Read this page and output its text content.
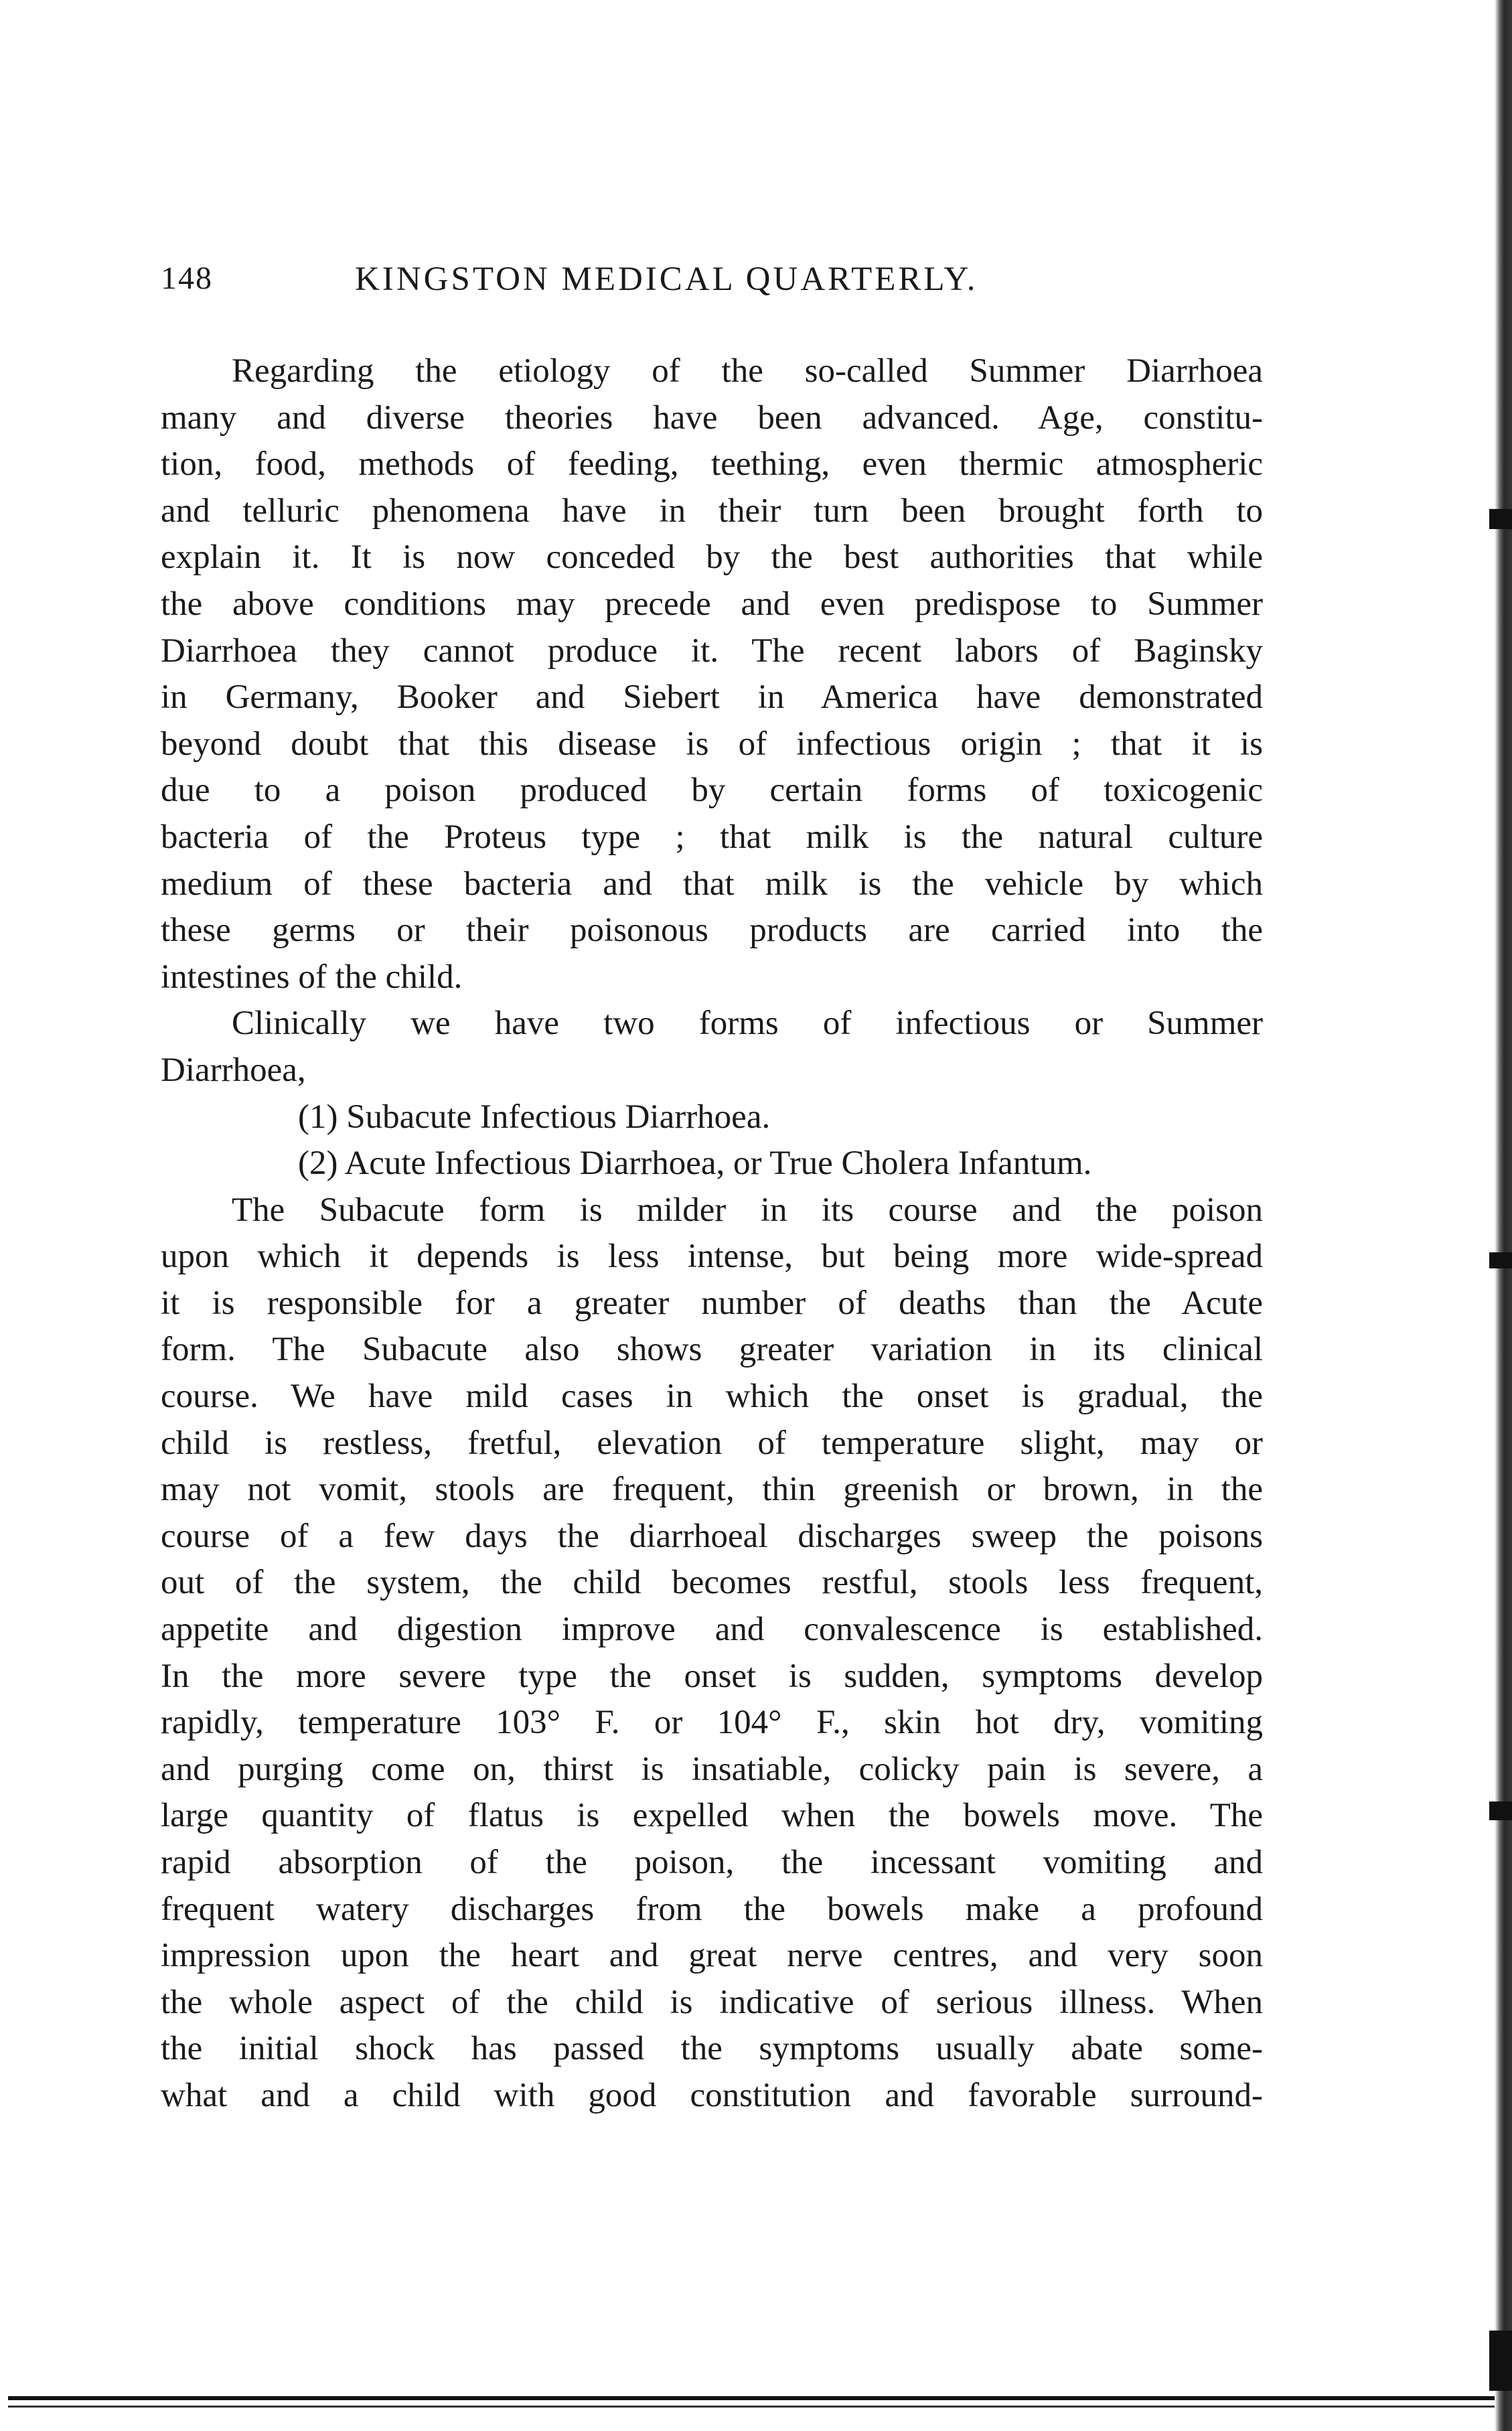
148	KINGSTON MEDICAL QUARTERLY.
Regarding the etiology of the so-called Summer Diarrhoea
many and diverse theories have been advanced. Age, constitu-
tion, food, methods of feeding, teething, even thermic atmospheric
and telluric phenomena have in their turn been brought forth to
explain it. It is now conceded by the best authorities that while
the above conditions may precede and even predispose to Summer
Diarrhoea they cannot produce it. The recent labors of Baginsky
in Germany, Booker and Siebert in America have demonstrated
beyond doubt that this disease is of infectious origin ; that it is
due to a poison produced by certain forms of toxicogenic
bacteria of the Proteus type ; that milk is the natural culture
medium of these bacteria and that milk is the vehicle by which
these germs or their poisonous products are carried into the
intestines of the child.
Clinically we have two forms of infectious or Summer
Diarrhoea,
(1) Subacute Infectious Diarrhoea.
(2) Acute Infectious Diarrhoea, or True Cholera Infantum.
The Subacute form is milder in its course and the poison
upon which it depends is less intense, but being more wide-spread
it is responsible for a greater number of deaths than the Acute
form. The Subacute also shows greater variation in its clinical
course. We have mild cases in which the onset is gradual, the
child is restless, fretful, elevation of temperature slight, may or
may not vomit, stools are frequent, thin greenish or brown, in the
course of a few days the diarrhoeal discharges sweep the poisons
out of the system, the child becomes restful, stools less frequent,
appetite and digestion improve and convalescence is established.
In the more severe type the onset is sudden, symptoms develop
rapidly, temperature 103° F. or 104° F., skin hot dry, vomiting
and purging come on, thirst is insatiable, colicky pain is severe, a
large quantity of flatus is expelled when the bowels move. The
rapid absorption of the poison, the incessant vomiting and
frequent watery discharges from the bowels make a profound
impression upon the heart and great nerve centres, and very soon
the whole aspect of the child is indicative of serious illness. When
the initial shock has passed the symptoms usually abate some-
what and a child with good constitution and favorable surround-
